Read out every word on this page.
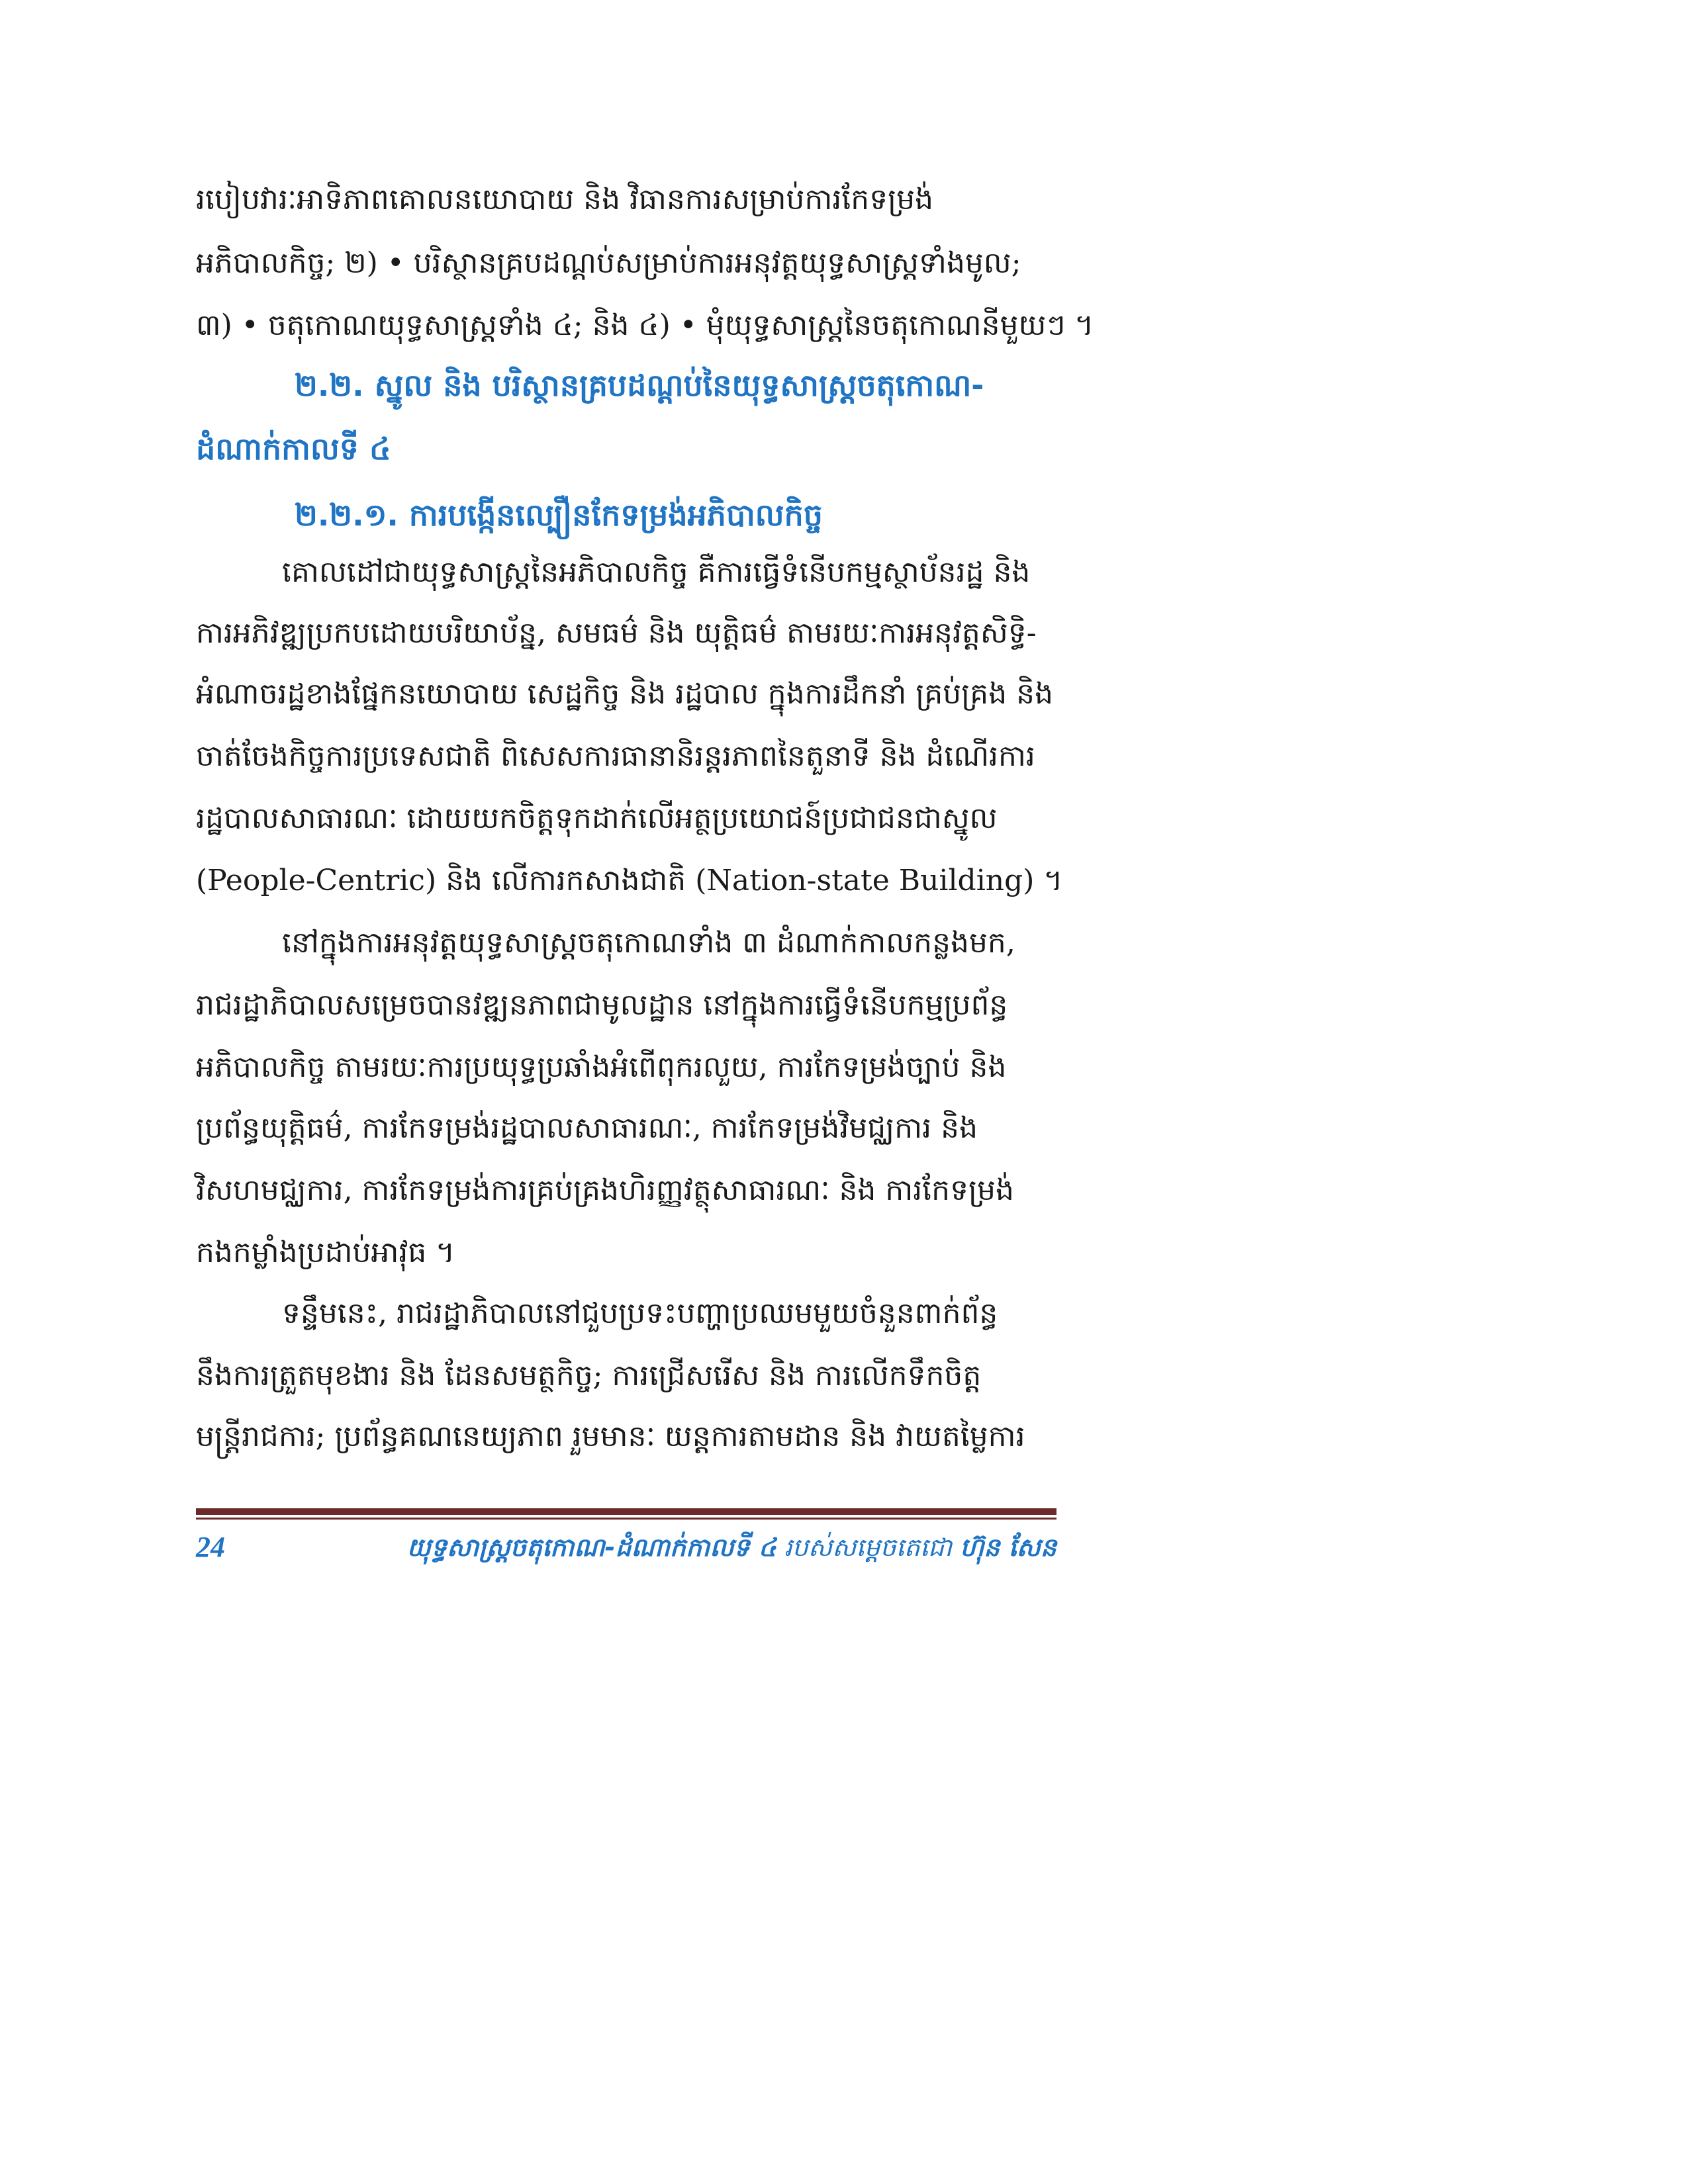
របៀបវារៈអាទិភាពគោលនយោបាយ និង វិធានការសម្រាប់ការកែទម្រង់
អភិបាលកិច្ច; ២) • បរិស្ថានគ្របដណ្ដប់សម្រាប់ការអនុវត្តយុទ្ធសាស្ត្រទាំងមូល;
៣) • ចតុកោណយុទ្ធសាស្ត្រទាំង ៤; និង ៤) • មុំយុទ្ធសាស្ត្រនៃចតុកោណនីមួយៗ ។
២.២. ស្នូល និង បរិស្ថានគ្របដណ្តប់នៃយុទ្ធសាស្ត្រចតុកោណ-
ដំណាក់កាលទី ៤
២.២.១. ការបង្កើនល្បឿនកែទម្រង់អភិបាលកិច្ច
គោលដៅជាយុទ្ធសាស្ត្រនៃអភិបាលកិច្ច គឺការធ្វើទំនើបកម្មស្ថាប័នរដ្ឋ និង
ការអភិវឌ្ឍប្រកបដោយបរិយាប័ន្ន, សមធម៌ និង យុត្តិធម៌ តាមរយៈការអនុវត្តសិទ្ធិ-
អំណាចរដ្ឋខាងផ្នែកនយោបាយ សេដ្ឋកិច្ច និង រដ្ឋបាល ក្នុងការដឹកនាំ គ្រប់គ្រង និង
ចាត់ចែងកិច្ចការប្រទេសជាតិ ពិសេសការធានានិរន្តរភាពនៃតួនាទី និង ដំណើរការ
រដ្ឋបាលសាធារណៈ ដោយយកចិត្តទុកដាក់លើអត្ថប្រយោជន៍ប្រជាជនជាស្នូល
(People-Centric) និង លើការកសាងជាតិ (Nation-state Building) ។
នៅក្នុងការអនុវត្តយុទ្ធសាស្ត្រចតុកោណទាំង ៣ ដំណាក់កាលកន្លងមក,
រាជរដ្ឋាភិបាលសម្រេចបានវឌ្ឍនភាពជាមូលដ្ឋាន នៅក្នុងការធ្វើទំនើបកម្មប្រព័ន្ធ
អភិបាលកិច្ច តាមរយៈការប្រយុទ្ធប្រឆាំងអំពើពុករលួយ, ការកែទម្រង់ច្បាប់ និង
ប្រព័ន្ធយុត្តិធម៌, ការកែទម្រង់រដ្ឋបាលសាធារណៈ, ការកែទម្រង់វិមជ្ឈការ និង
វិសហមជ្ឈការ, ការកែទម្រង់ការគ្រប់គ្រងហិរញ្ញវត្ថុសាធារណៈ និង ការកែទម្រង់
កងកម្លាំងប្រដាប់អាវុធ ។
ទន្ទឹមនេះ, រាជរដ្ឋាភិបាលនៅជួបប្រទះបញ្ហាប្រឈមមួយចំនួនពាក់ព័ន្ធ
នឹងការត្រួតមុខងារ និង ដែនសមត្ថកិច្ច; ការជ្រើសរើស និង ការលើកទឹកចិត្ត
មន្ត្រីរាជការ; ប្រព័ន្ធគណនេយ្យភាព រួមមានៈ យន្តការតាមដាន និង វាយតម្លៃការ
24	យុទ្ធសាស្ត្រចតុកោណ-ដំណាក់កាលទី ៤ របស់សម្ដេចតេជោ ហ៊ុន សែន
